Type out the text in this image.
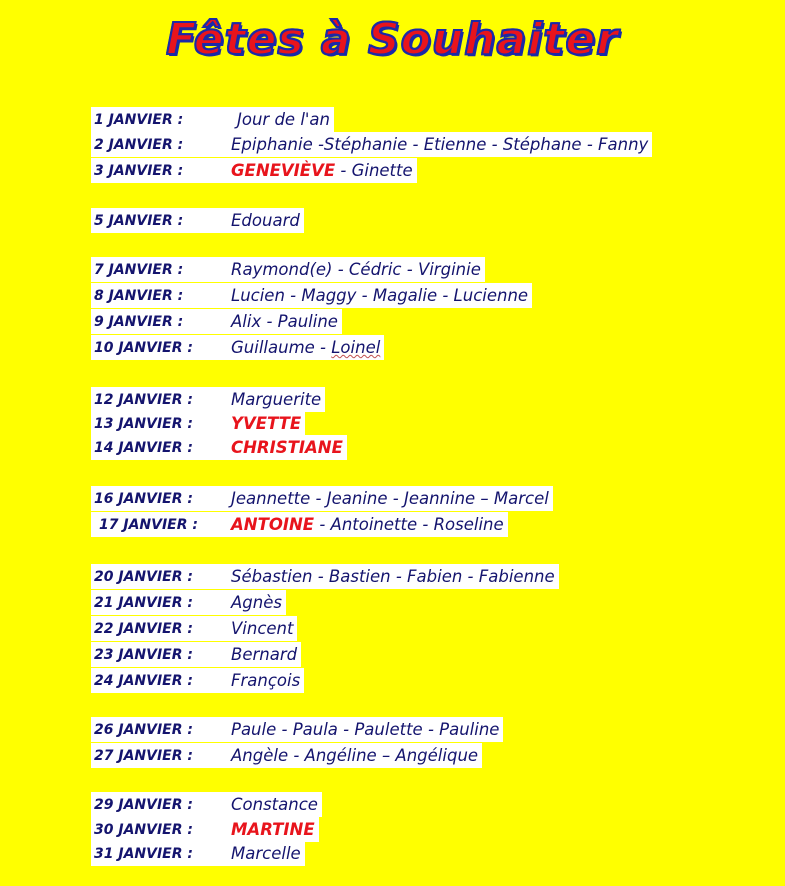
Fêtes à Souhaiter
1 JANVIER :	Jour de l'an
2 JANVIER :	Epiphanie -Stéphanie - Etienne - Stéphane - Fanny
3 JANVIER :	GENEVIÈVE - Ginette
5 JANVIER :	Edouard
7 JANVIER :	Raymond(e) - Cédric - Virginie
8 JANVIER :	Lucien - Maggy - Magalie - Lucienne
9 JANVIER :	Alix - Pauline
10 JANVIER :	Guillaume - Loinel
12 JANVIER :	Marguerite
13 JANVIER :	YVETTE
14 JANVIER :	CHRISTIANE
16 JANVIER :	Jeannette - Jeanine - Jeannine – Marcel
17 JANVIER :	ANTOINE - Antoinette - Roseline
20 JANVIER :	Sébastien - Bastien - Fabien - Fabienne
21 JANVIER :	Agnès
22 JANVIER :	Vincent
23 JANVIER :	Bernard
24 JANVIER :	François
26 JANVIER :	Paule - Paula - Paulette - Pauline
27 JANVIER :	Angèle - Angéline – Angélique
29 JANVIER :	Constance
30 JANVIER :	MARTINE
31 JANVIER :	Marcelle
